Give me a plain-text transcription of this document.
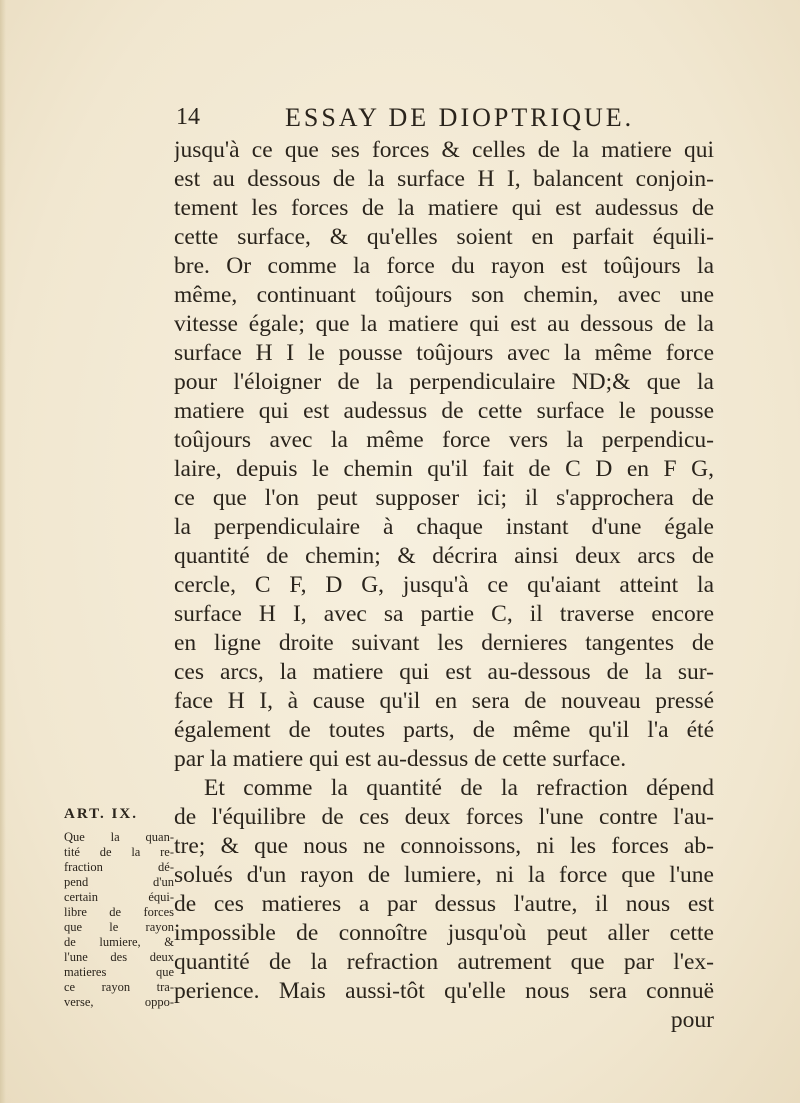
14	ESSAY DE DIOPTRIQUE.
jusqu'à ce que ses forces & celles de la matiere qui
est au dessous de la surface H I, balancent conjoin-
tement les forces de la matiere qui est audessus de
cette surface, & qu'elles soient en parfait équili-
bre. Or comme la force du rayon est toûjours la
même, continuant toûjours son chemin, avec une
vitesse égale; que la matiere qui est au dessous de la
surface H I le pousse toûjours avec la même force
pour l'éloigner de la perpendiculaire ND;& que la
matiere qui est audessus de cette surface le pousse
toûjours avec la même force vers la perpendicu-
laire, depuis le chemin qu'il fait de C D en F G,
ce que l'on peut supposer ici; il s'approchera de
la perpendiculaire à chaque instant d'une égale
quantité de chemin; & décrira ainsi deux arcs de
cercle, C F, D G, jusqu'à ce qu'aiant atteint la
surface H I, avec sa partie C, il traverse encore
en ligne droite suivant les dernieres tangentes de
ces arcs, la matiere qui est au-dessous de la sur-
face H I, à cause qu'il en sera de nouveau pressé
également de toutes parts, de même qu'il l'a été
par la matiere qui est au-dessus de cette surface.
Et comme la quantité de la refraction dépend
de l'équilibre de ces deux forces l'une contre l'au-
tre; & que nous ne connoissons, ni les forces ab-
solués d'un rayon de lumiere, ni la force que l'une
de ces matieres a par dessus l'autre, il nous est
impossible de connoître jusqu'où peut aller cette
quantité de la refraction autrement que par l'ex-
perience. Mais aussi-tôt qu'elle nous sera connuë
pour
ART. IX.
Que la quan-
tité de la re-
fraction dé-
pend d'un
certain équi-
libre de forces
que le rayon
de lumiere, &
l'une des deux
matieres que
ce rayon tra-
verse, oppo-
